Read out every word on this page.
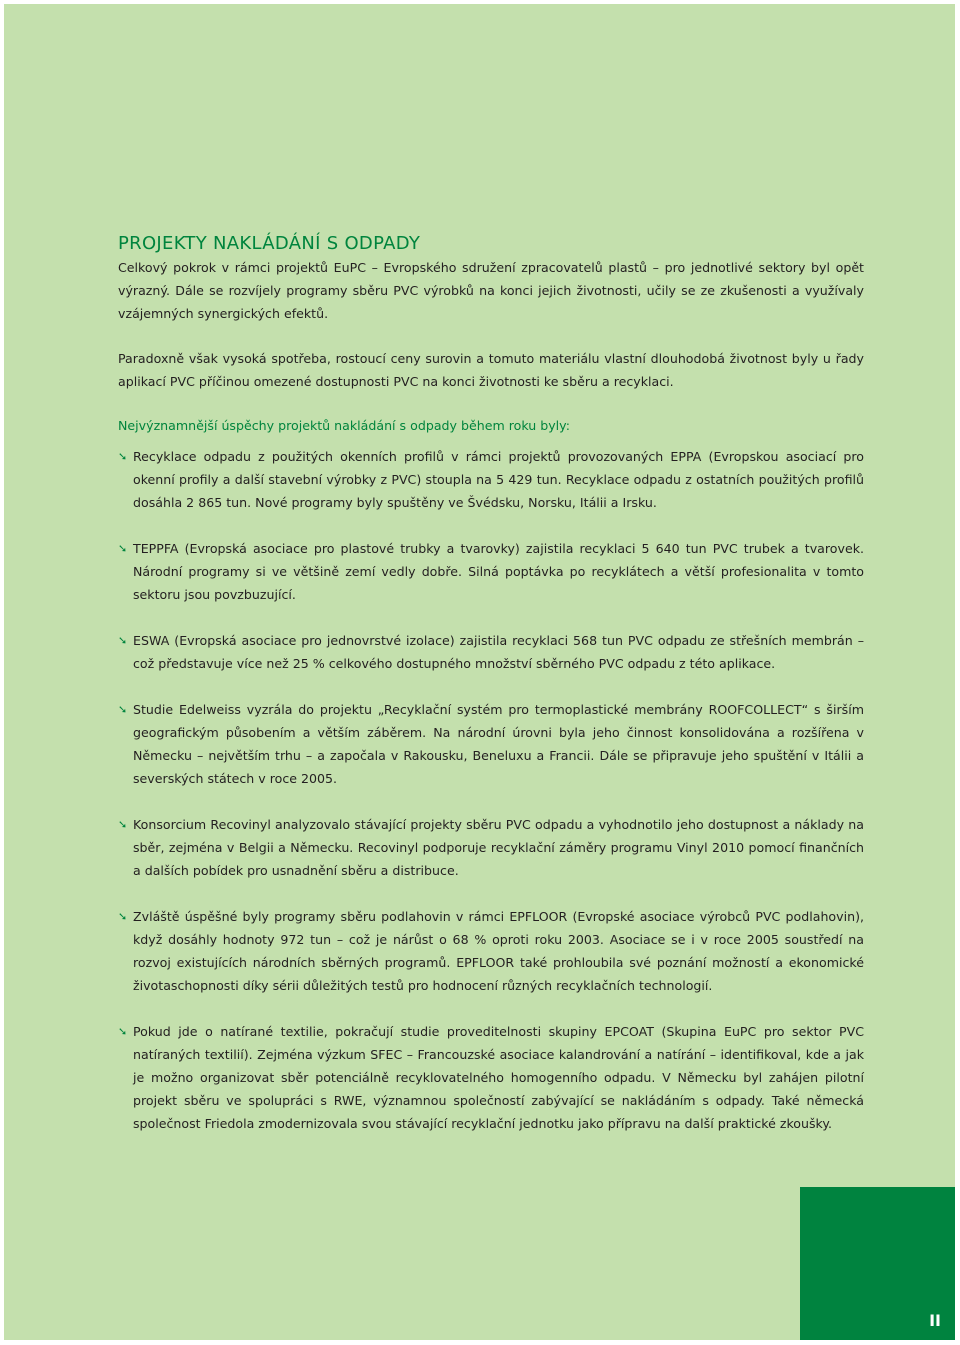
PROJEKTY NAKLÁDÁNÍ S ODPADY

Celkový pokrok v rámci projektů EuPC – Evropského sdružení zpracovatelů plastů – pro jednotlivé sektory byl opět výrazný. Dále se rozvíjely programy sběru PVC výrobků na konci jejich životnosti, učily se ze zkušenosti a využívaly vzájemných synergických efektů.

Paradoxně však vysoká spotřeba, rostoucí ceny surovin a tomuto materiálu vlastní dlouhodobá životnost byly u řady aplikací PVC příčinou omezené dostupnosti PVC na konci životnosti ke sběru a recyklaci.

Nejvýznamnější úspěchy projektů nakládání s odpady během roku byly:

➘ Recyklace odpadu z použitých okenních profilů v rámci projektů provozovaných EPPA (Evropskou asociací pro okenní profily a další stavební výrobky z PVC) stoupla na 5 429 tun. Recyklace odpadu z ostatních použitých profilů dosáhla 2 865 tun. Nové programy byly spuštěny ve Švédsku, Norsku, Itálii a Irsku.
➘ TEPPFA (Evropská asociace pro plastové trubky a tvarovky) zajistila recyklaci 5 640 tun PVC trubek a tvarovek. Národní programy si ve většině zemí vedly dobře. Silná poptávka po recyklátech a větší profesionalita v tomto sektoru jsou povzbuzující.
➘ ESWA (Evropská asociace pro jednovrstvé izolace) zajistila recyklaci 568 tun PVC odpadu ze střešních membrán – což představuje více než 25 % celkového dostupného množství sběrného PVC odpadu z této aplikace.
➘ Studie Edelweiss vyzrála do projektu „Recyklační systém pro termoplastické membrány ROOFCOLLECT“ s širším geografickým působením a větším záběrem. Na národní úrovni byla jeho činnost konsolidována a rozšířena v Německu – největším trhu – a započala v Rakousku, Beneluxu a Francii. Dále se připravuje jeho spuštění v Itálii a severských státech v roce 2005.
➘ Konsorcium Recovinyl analyzovalo stávající projekty sběru PVC odpadu a vyhodnotilo jeho dostupnost a náklady na sběr, zejména v Belgii a Německu. Recovinyl podporuje recyklační záměry programu Vinyl 2010 pomocí finančních a dalších pobídek pro usnadnění sběru a distribuce.
➘ Zvláště úspěšné byly programy sběru podlahovin v rámci EPFLOOR (Evropské asociace výrobců PVC podlahovin), když dosáhly hodnoty 972 tun – což je nárůst o 68 % oproti roku 2003. Asociace se i v roce 2005 soustředí na rozvoj existujících národních sběrných programů. EPFLOOR také prohloubila své poznání možností a ekonomické životaschopnosti díky sérii důležitých testů pro hodnocení různých recyklačních technologií.
➘ Pokud jde o natírané textilie, pokračují studie proveditelnosti skupiny EPCOAT (Skupina EuPC pro sektor PVC natíraných textilií). Zejména výzkum SFEC – Francouzské asociace kalandrování a natírání – identifikoval, kde a jak je možno organizovat sběr potenciálně recyklovatelného homogenního odpadu. V Německu byl zahájen pilotní projekt sběru ve spolupráci s RWE, významnou společností zabývající se nakládáním s odpady. Také německá společnost Friedola zmodernizovala svou stávající recyklační jednotku jako přípravu na další praktické zkoušky.
II
